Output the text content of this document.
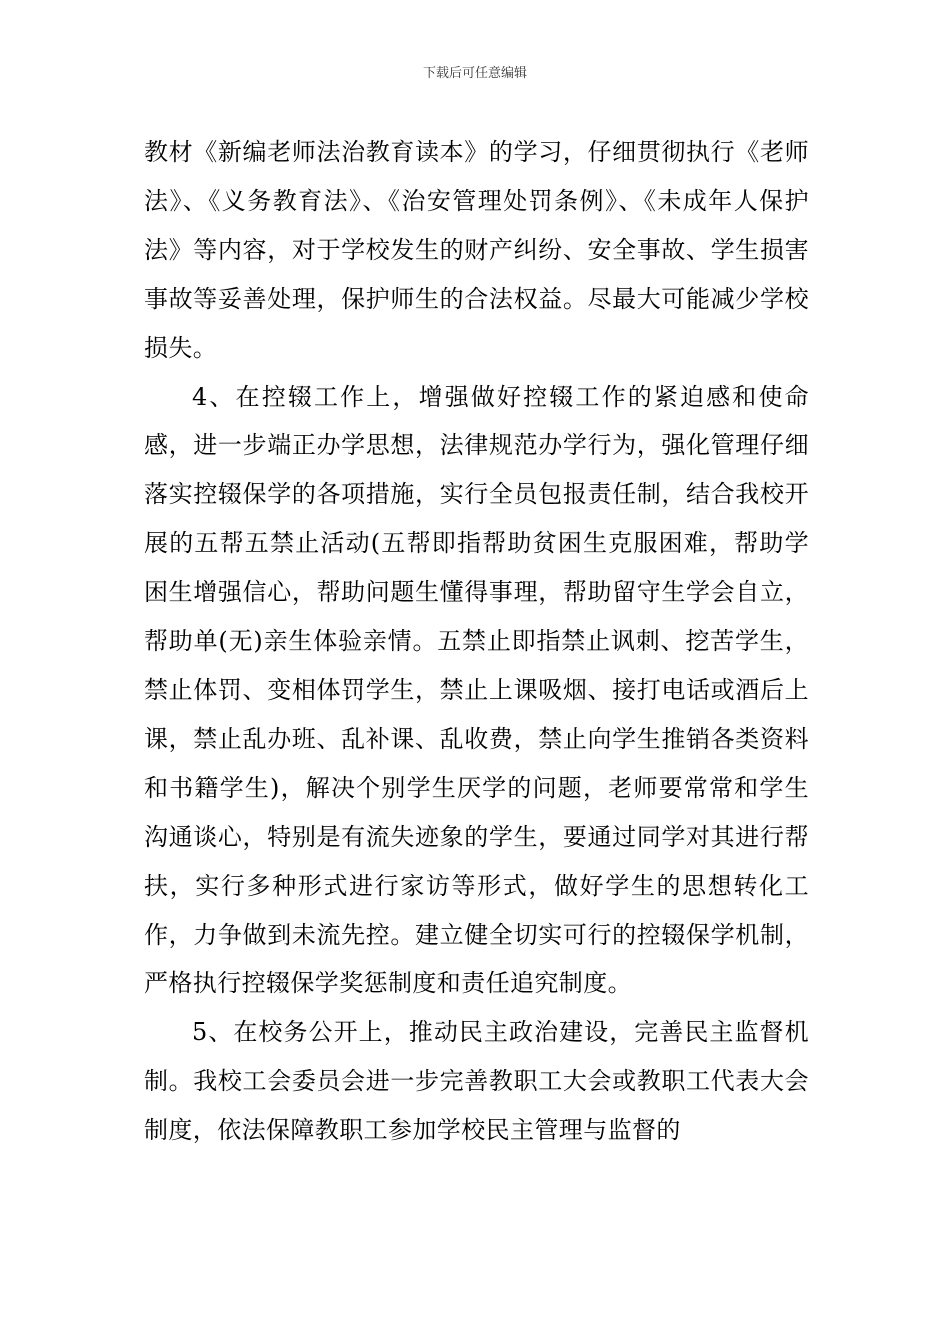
下载后可任意编辑

教材《新编老师法治教育读本》的学习，仔细贯彻执行《老师法》、《义务教育法》、《治安管理处罚条例》、《未成年人保护法》等内容，对于学校发生的财产纠纷、安全事故、学生损害事故等妥善处理，保护师生的合法权益。尽最大可能减少学校损失。

4、在控辍工作上，增强做好控辍工作的紧迫感和使命感，进一步端正办学思想，法律规范办学行为，强化管理仔细落实控辍保学的各项措施，实行全员包报责任制，结合我校开展的五帮五禁止活动(五帮即指帮助贫困生克服困难，帮助学困生增强信心，帮助问题生懂得事理，帮助留守生学会自立，帮助单(无)亲生体验亲情。五禁止即指禁止讽刺、挖苦学生，禁止体罚、变相体罚学生，禁止上课吸烟、接打电话或酒后上课，禁止乱办班、乱补课、乱收费，禁止向学生推销各类资料和书籍学生)，解决个别学生厌学的问题，老师要常常和学生沟通谈心，特别是有流失迹象的学生，要通过同学对其进行帮扶，实行多种形式进行家访等形式，做好学生的思想转化工作，力争做到未流先控。建立健全切实可行的控辍保学机制，严格执行控辍保学奖惩制度和责任追究制度。

5、在校务公开上，推动民主政治建设，完善民主监督机制。我校工会委员会进一步完善教职工大会或教职工代表大会制度，依法保障教职工参加学校民主管理与监督的
